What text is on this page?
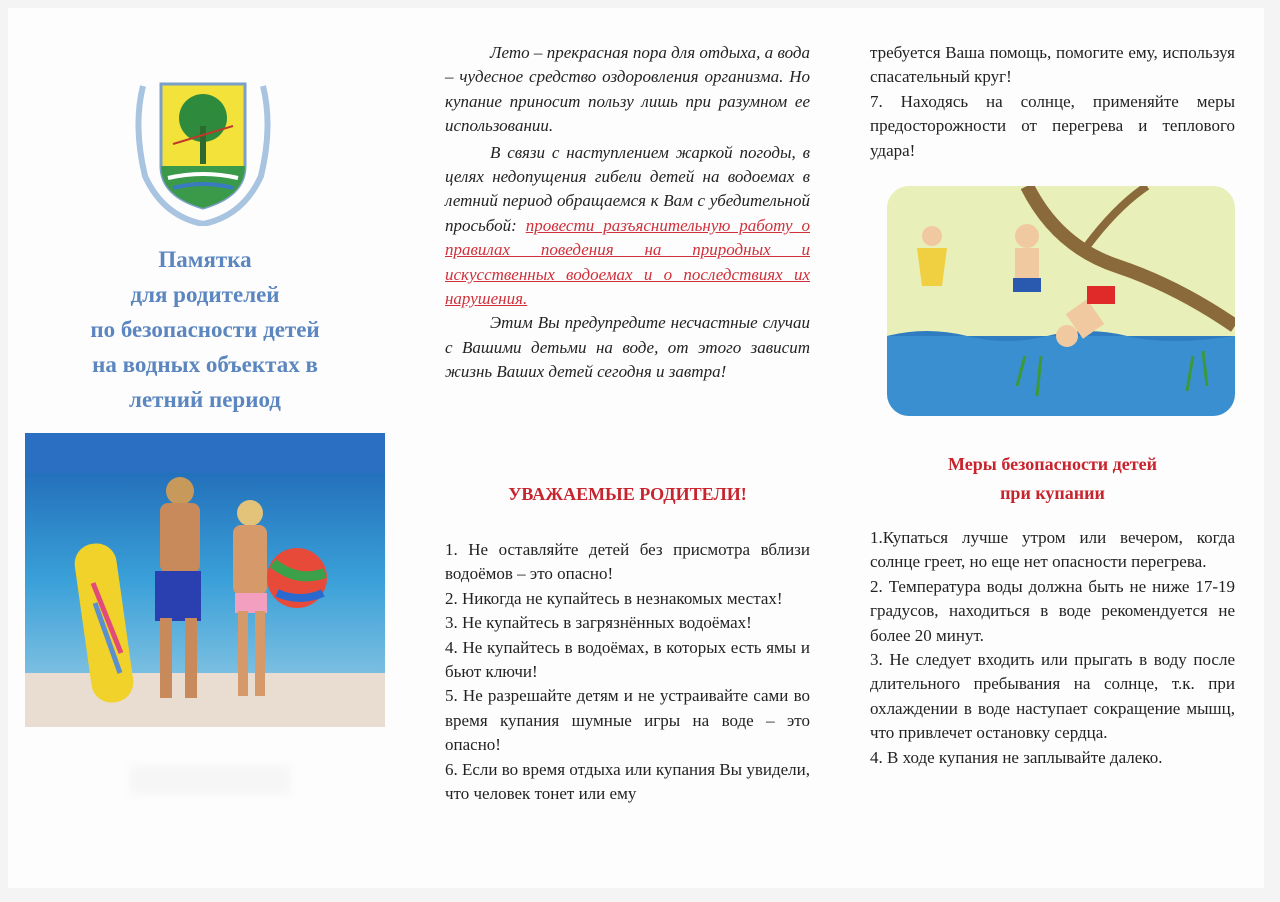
Памятка
для родителей
по безопасности детей
на водных объектах в
летний период

Лето – прекрасная пора для отдыха, а вода – чудесное средство оздоровления организма. Но купание приносит пользу лишь при разумном ее использовании.

В связи с наступлением жаркой погоды, в целях недопущения гибели детей на водоемах в летний период обращаемся к Вам с убедительной просьбой: провести разъяснительную работу о правилах поведения на природных и искусственных водоемах и о последствиях их нарушения.

Этим Вы предупредите несчастные случаи с Вашими детьми на воде, от этого зависит жизнь Ваших детей сегодня и завтра!

УВАЖАЕМЫЕ РОДИТЕЛИ!

1. Не оставляйте детей без присмотра вблизи водоёмов – это опасно!

2. Никогда не купайтесь в незнакомых местах!

3. Не купайтесь в загрязнённых водоёмах!

4. Не купайтесь в водоёмах, в которых есть ямы и бьют ключи!

5. Не разрешайте детям и не устраивайте сами во время купания шумные игры на воде – это опасно!

6. Если во время отдыха или купания Вы увидели, что человек тонет или ему

требуется Ваша помощь, помогите ему, используя спасательный круг!

7. Находясь на солнце, применяйте меры предосторожности от перегрева и теплового удара!

Меры безопасности детей
при купании

1.Купаться лучше утром или вечером, когда солнце греет, но еще нет опасности перегрева.

2. Температура воды должна быть не ниже 17-19 градусов, находиться в воде рекомендуется не более 20 минут.

3. Не следует входить или прыгать в воду после длительного пребывания на солнце, т.к. при охлаждении в воде наступает сокращение мышц, что привлечет остановку сердца.

4. В ходе купания не заплывайте далеко.
